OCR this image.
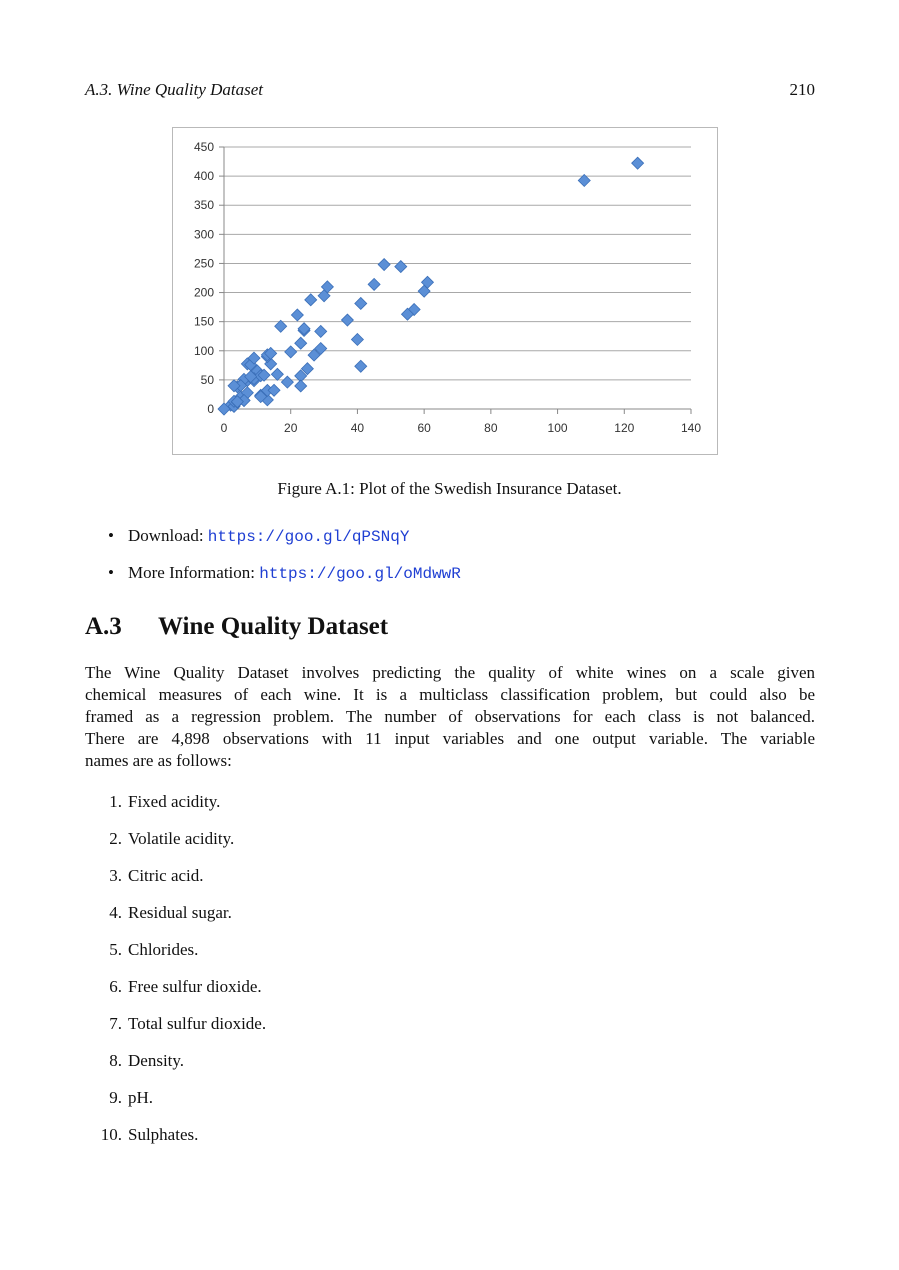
A.3. Wine Quality Dataset	210
0
50
100
150
200
250
300
350
400
450
0	20	40	60	80	100	120	140
Figure A.1: Plot of the Swedish Insurance Dataset.
• Download: https://goo.gl/qPSNqY
• More Information: https://goo.gl/oMdwwR
A.3 Wine Quality Dataset

The Wine Quality Dataset involves predicting the quality of white wines on a scale given
chemical measures of each wine. It is a multiclass classification problem, but could also be
framed as a regression problem. The number of observations for each class is not balanced.
There are 4,898 observations with 11 input variables and one output variable. The variable
names are as follows:

1. Fixed acidity.
2. Volatile acidity.
3. Citric acid.
4. Residual sugar.
5. Chlorides.
6. Free sulfur dioxide.
7. Total sulfur dioxide.
8. Density.
9. pH.
10. Sulphates.
